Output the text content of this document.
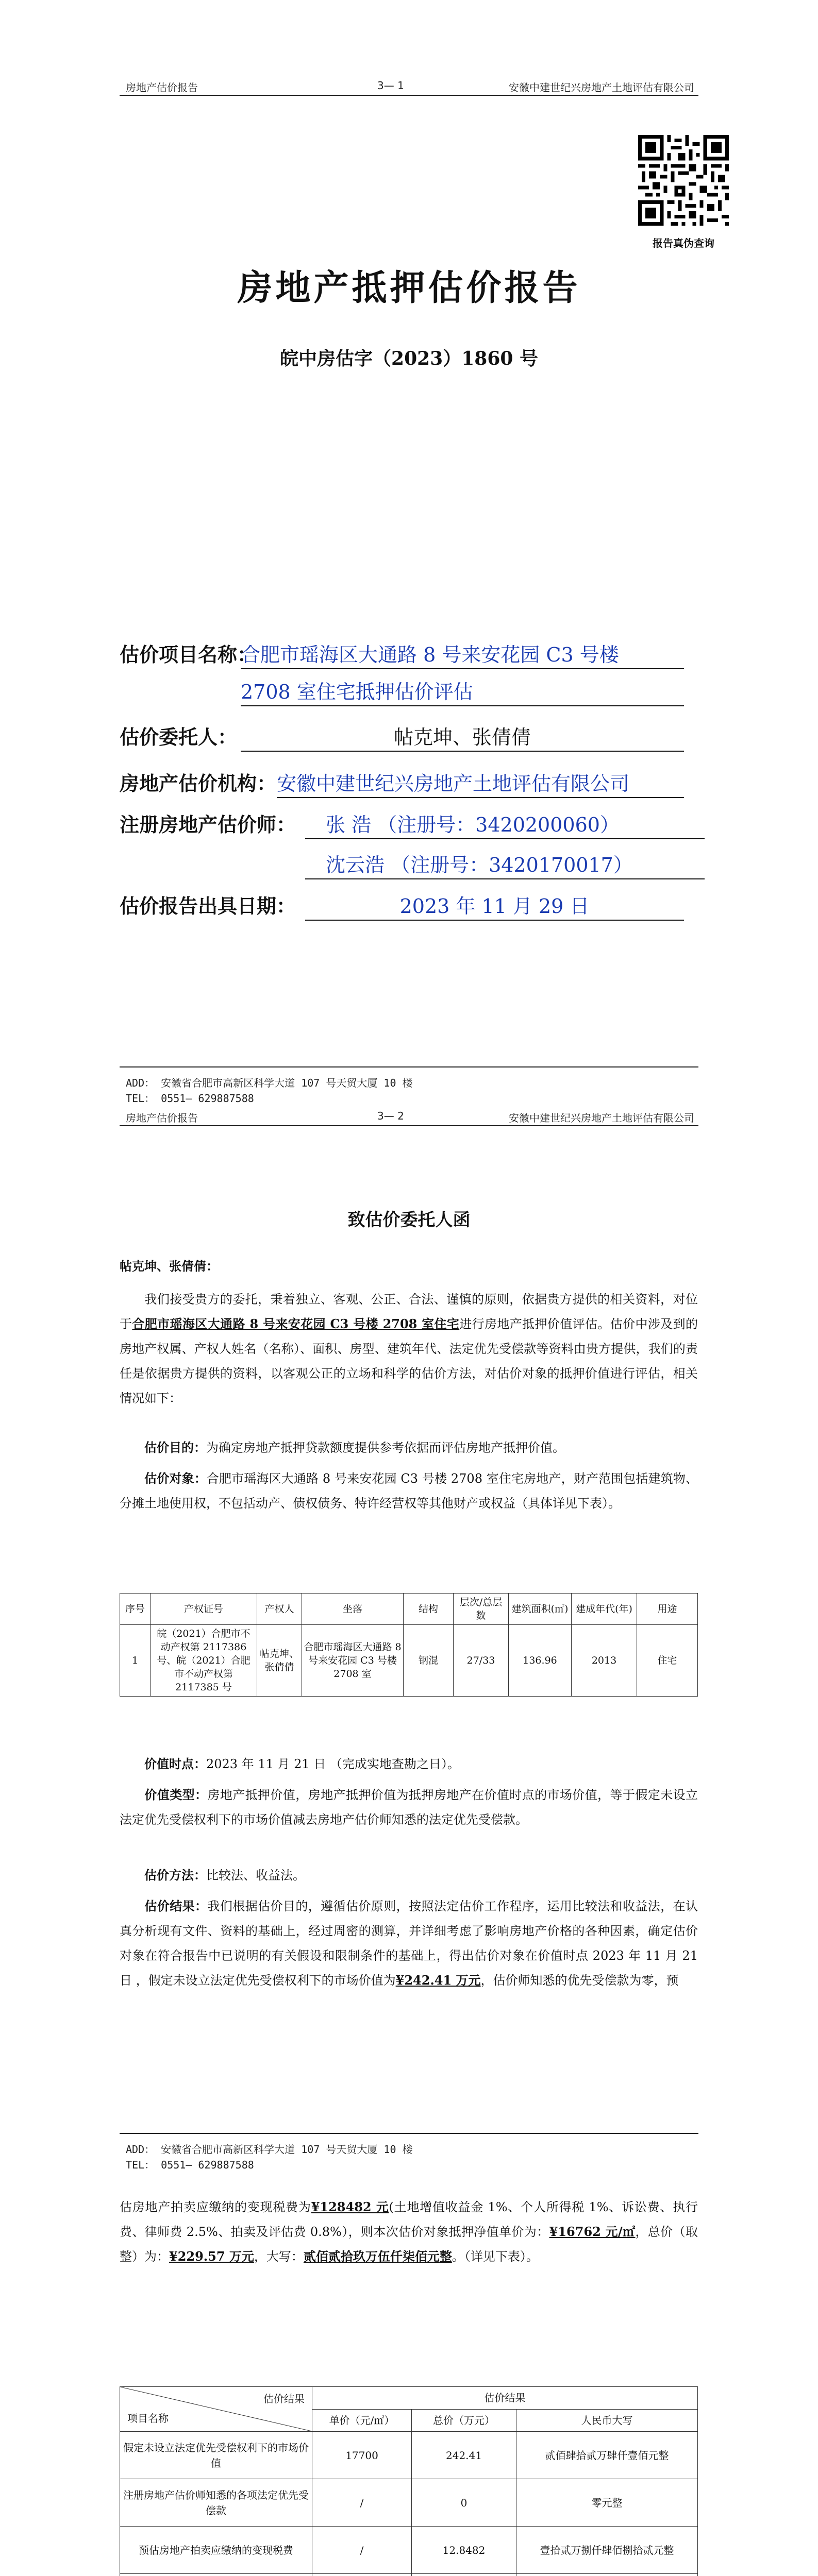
房地产估价报告	3— 1	安徽中建世纪兴房地产土地评估有限公司
报告真伪查询
房地产抵押估价报告
皖中房估字（2023）1860 号
估价项目名称：
合肥市瑶海区大通路 8 号来安花园 C3 号楼
2708 室住宅抵押估价评估
估价委托人：	帖克坤、张倩倩
房地产估价机构： 安徽中建世纪兴房地产土地评估有限公司
注册房地产估价师：	张 浩 （注册号：3420200060）
沈云浩 （注册号：3420170017）
估价报告出具日期：	2023 年 11 月 29 日
ADD： 安徽省合肥市高新区科学大道 107 号天贸大厦 10 楼
TEL： 0551— 629887588
房地产估价报告	3— 2	安徽中建世纪兴房地产土地评估有限公司
致估价委托人函
帖克坤、张倩倩：
我们接受贵方的委托，秉着独立、客观、公正、合法、谨慎的原则，依据贵方提供的相关资料，对位于合肥市瑶海区大通路 8 号来安花园 C3 号楼 2708 室住宅进行房地产抵押价值评估。估价中涉及到的房地产权属、产权人姓名（名称）、面积、房型、建筑年代、法定优先受偿款等资料由贵方提供，我们的责任是依据贵方提供的资料，以客观公正的立场和科学的估价方法，对估价对象的抵押价值进行评估，相关情况如下：
估价目的：为确定房地产抵押贷款额度提供参考依据而评估房地产抵押价值。
估价对象：合肥市瑶海区大通路 8 号来安花园 C3 号楼 2708 室住宅房地产，财产范围包括建筑物、分摊土地使用权，不包括动产、债权债务、特许经营权等其他财产或权益（具体详见下表）。
序号	产权证号	产权人	坐落	结构	层次/总层数	建筑面积(㎡)	建成年代(年)	用途
1	皖（2021）合肥市不动产权第 2117386 号、皖（2021）合肥市不动产权第 2117385 号	帖克坤、张倩倩	合肥市瑶海区大通路 8 号来安花园 C3 号楼 2708 室	钢混	27/33	136.96	2013	住宅
价值时点：2023 年 11 月 21 日 （完成实地查勘之日）。
价值类型：房地产抵押价值，房地产抵押价值为抵押房地产在价值时点的市场价值，等于假定未设立法定优先受偿权利下的市场价值减去房地产估价师知悉的法定优先受偿款。
估价方法：比较法、收益法。
估价结果：我们根据估价目的，遵循估价原则，按照法定估价工作程序，运用比较法和收益法，在认真分析现有文件、资料的基础上，经过周密的测算，并详细考虑了影响房地产价格的各种因素，确定估价对象在符合报告中已说明的有关假设和限制条件的基础上，得出估价对象在价值时点 2023 年 11 月 21 日 ，假定未设立法定优先受偿权利下的市场价值为¥242.41 万元，估价师知悉的优先受偿款为零，预
ADD： 安徽省合肥市高新区科学大道 107 号天贸大厦 10 楼
TEL： 0551— 629887588
估房地产拍卖应缴纳的变现税费为¥128482 元(土地增值收益金 1%、个人所得税 1%、诉讼费、执行费、律师费 2.5%、拍卖及评估费 0.8%），则本次估价对象抵押净值单价为：¥16762 元/㎡，总价（取整）为：¥229.57 万元，大写：贰佰贰拾玖万伍仟柒佰元整。（详见下表）。
估价结果
项目名称	估价结果		
	单价（元/㎡）	总价（万元）	人民币大写
假定未设立法定优先受偿权利下的市场价值	17700	242.41	贰佰肆拾贰万肆仟壹佰元整
注册房地产估价师知悉的各项法定优先受偿款	/	0	零元整
预估房地产拍卖应缴纳的变现税费	/	12.8482	壹拾贰万捌仟肆佰捌拾贰元整
